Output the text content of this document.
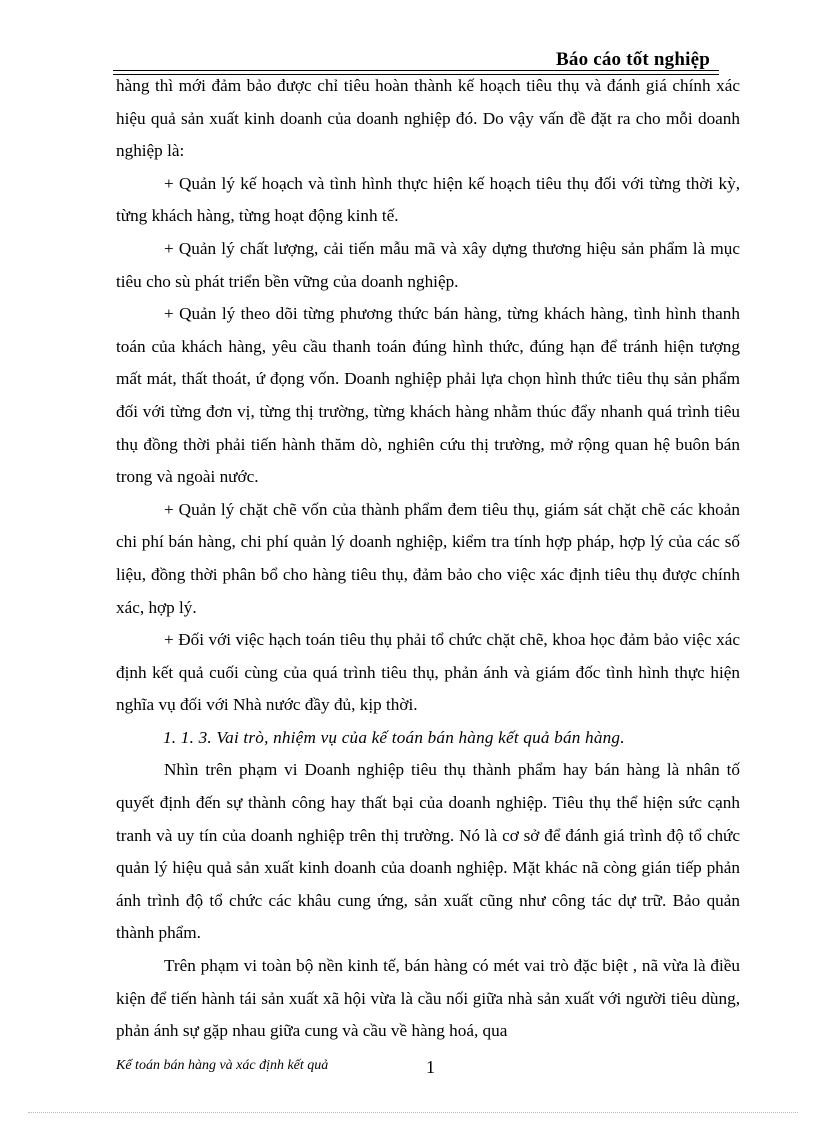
Báo cáo tốt nghiệp

hàng thì mới đảm bảo được chỉ tiêu hoàn thành kế hoạch tiêu thụ và đánh giá chính xác hiệu quả sản xuất kinh doanh của doanh nghiệp đó. Do vậy vấn đề đặt ra cho mỗi doanh nghiệp là:

+ Quản lý kế hoạch và tình hình thực hiện kế hoạch tiêu thụ đối với từng thời kỳ, từng khách hàng, từng hoạt động kinh tế.

+ Quản lý chất lượng, cải tiến mẫu mã và xây dựng thương hiệu sản phẩm là mục tiêu cho sù phát triển bền vững của doanh nghiệp.

+ Quản lý theo dõi từng phương thức bán hàng, từng khách hàng, tình hình thanh toán của khách hàng, yêu cầu thanh toán đúng hình thức, đúng hạn để tránh hiện tượng mất mát, thất thoát, ứ đọng vốn. Doanh nghiệp phải lựa chọn hình thức tiêu thụ sản phẩm đối với từng đơn vị, từng thị trường, từng khách hàng nhằm thúc đẩy nhanh quá trình tiêu thụ đồng thời phải tiến hành thăm dò, nghiên cứu thị trường, mở rộng quan hệ buôn bán trong và ngoài nước.

+ Quản lý chặt chẽ vốn của thành phẩm đem tiêu thụ, giám sát chặt chẽ các khoản chi phí bán hàng, chi phí quản lý doanh nghiệp, kiểm tra tính hợp pháp, hợp lý của các số liệu, đồng thời phân bổ cho hàng tiêu thụ, đảm bảo cho việc xác định tiêu thụ được chính xác, hợp lý.

+ Đối với việc hạch toán tiêu thụ phải tổ chức chặt chẽ, khoa học đảm bảo việc xác định kết quả cuối cùng của quá trình tiêu thụ, phản ánh và giám đốc tình hình thực hiện nghĩa vụ đối với Nhà nước đầy đủ, kịp thời.

1. 1. 3. Vai trò, nhiệm vụ của kế toán bán hàng kết quả bán hàng.

Nhìn trên phạm vi Doanh nghiệp tiêu thụ thành phẩm hay bán hàng là nhân tố quyết định đến sự thành công hay thất bại của doanh nghiệp. Tiêu thụ thể hiện sức cạnh tranh và uy tín của doanh nghiệp trên thị trường. Nó là cơ sở để đánh giá trình độ tổ chức quản lý hiệu quả sản xuất kinh doanh của doanh nghiệp. Mặt khác nã còng gián tiếp phản ánh trình độ tổ chức các khâu cung ứng, sản xuất cũng như công tác dự trữ. Bảo quản thành phẩm.

Trên phạm vi toàn bộ nền kinh tế, bán hàng có mét vai trò đặc biệt , nã vừa là điều kiện để tiến hành tái sản xuất xã hội vừa là cầu nối giữa nhà sản xuất với người tiêu dùng, phản ánh sự gặp nhau giữa cung và cầu về hàng hoá, qua

Kế toán bán hàng và xác định kết quả	1
